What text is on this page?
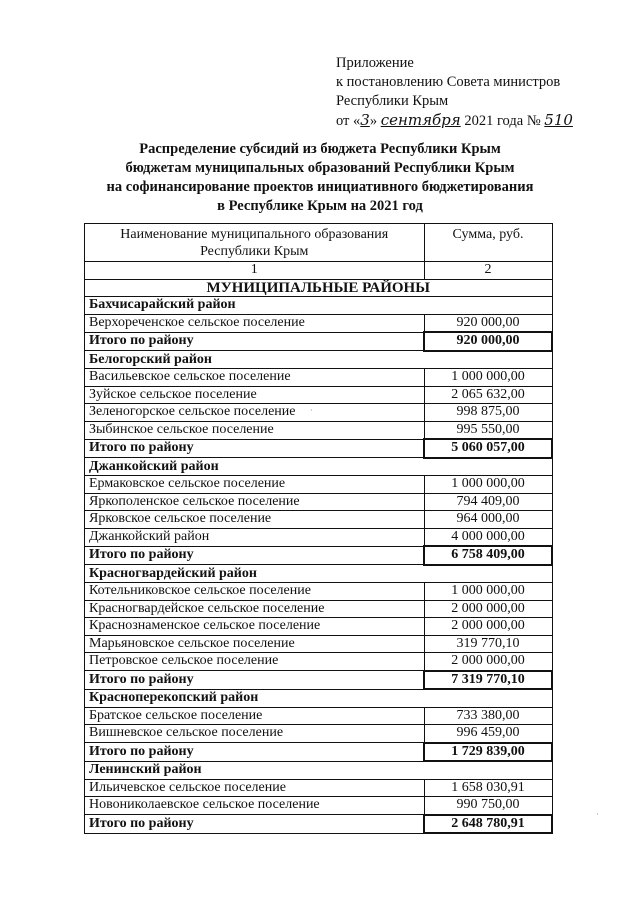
Приложение
к постановлению Совета министров
Республики Крым
от «3» сентября 2021 года № 510
Распределение субсидий из бюджета Республики Крым
бюджетам муниципальных образований Республики Крым
на софинансирование проектов инициативного бюджетирования
в Республике Крым на 2021 год
Наименование муниципального образования Республики Крым	Сумма, руб.
1	2
МУНИЦИПАЛЬНЫЕ РАЙОНЫ	
Бахчисарайский район	
Верхореченское сельское поселение	920 000,00
Итого по району	920 000,00
Белогорский район	
Васильевское сельское поселение	1 000 000,00
Зуйское сельское поселение	2 065 632,00
Зеленогорское сельское поселение	998 875,00
Зыбинское сельское поселение	995 550,00
Итого по району	5 060 057,00
Джанкойский район	
Ермаковское сельское поселение	1 000 000,00
Яркополенское сельское поселение	794 409,00
Ярковское сельское поселение	964 000,00
Джанкойский район	4 000 000,00
Итого по району	6 758 409,00
Красногвардейский район	
Котельниковское сельское поселение	1 000 000,00
Красногвардейское сельское поселение	2 000 000,00
Краснознаменское сельское поселение	2 000 000,00
Марьяновское сельское поселение	319 770,10
Петровское сельское поселение	2 000 000,00
Итого по району	7 319 770,10
Красноперекопский район	
Братское сельское поселение	733 380,00
Вишневское сельское поселение	996 459,00
Итого по району	1 729 839,00
Ленинский район	
Ильичевское сельское поселение	1 658 030,91
Новониколаевское сельское поселение	990 750,00
Итого по району	2 648 780,91
·
·
